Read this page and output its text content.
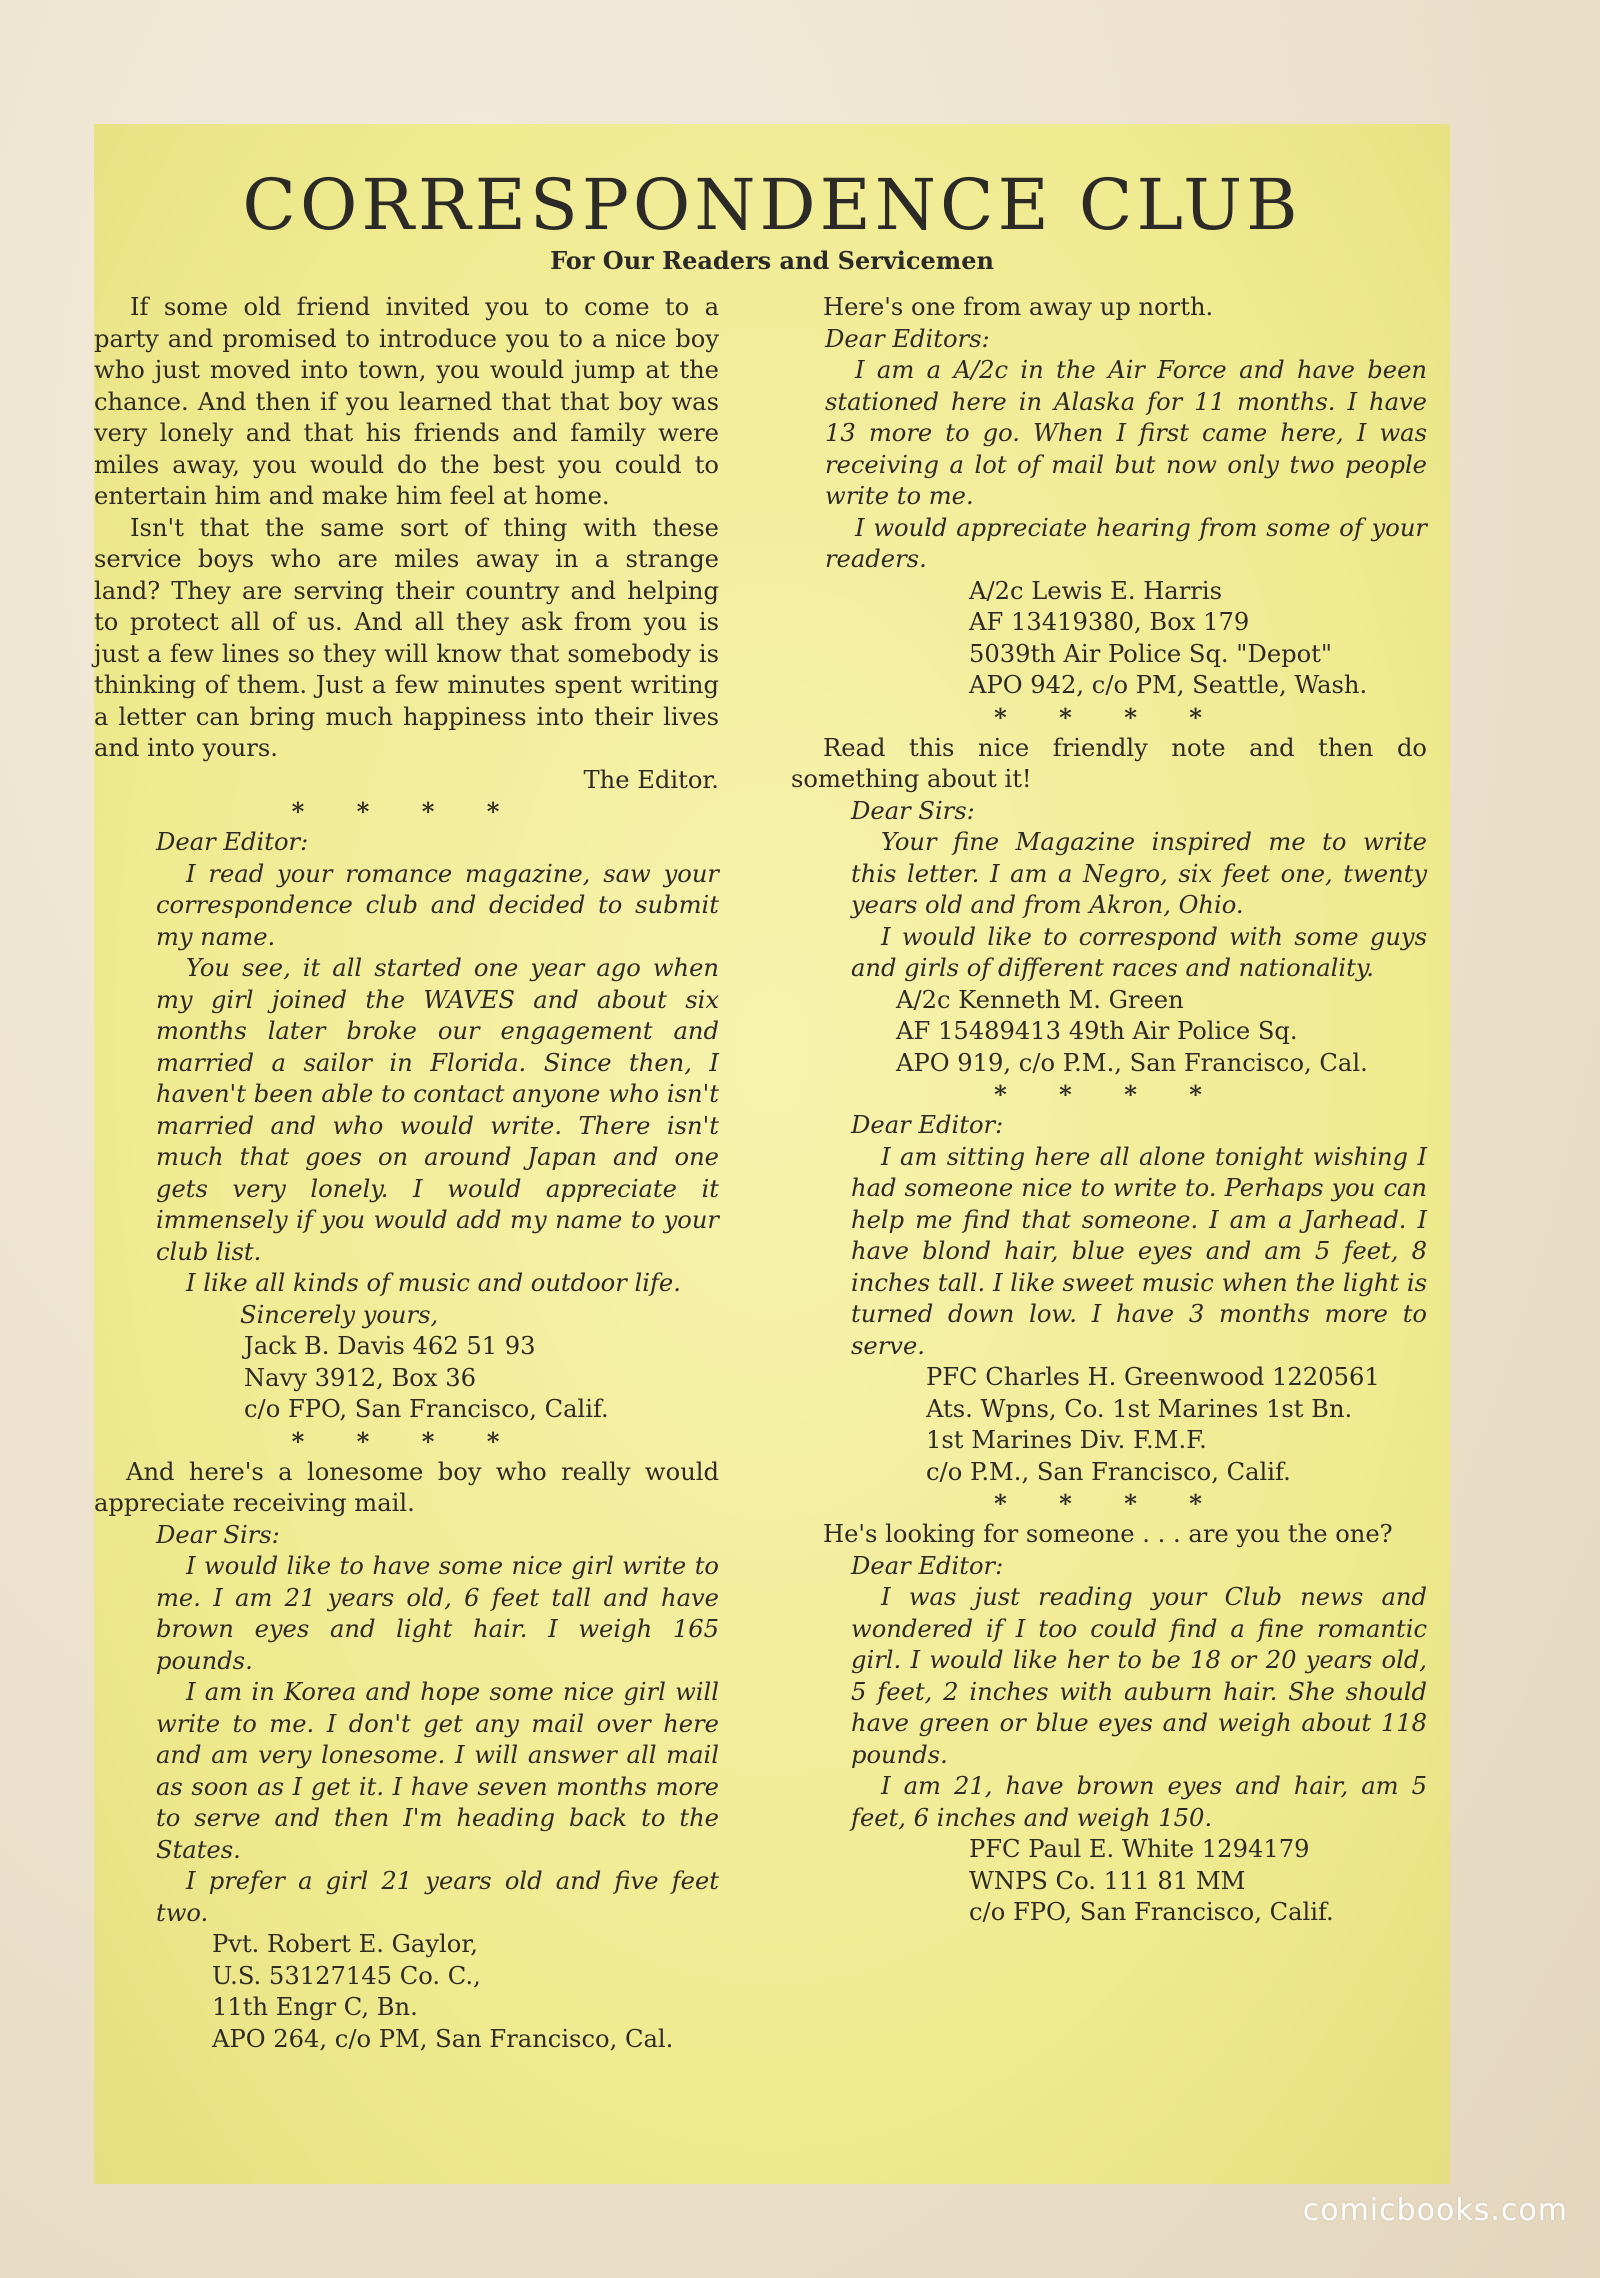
CORRESPONDENCE CLUB
For Our Readers and Servicemen

If some old friend invited you to come to a party and promised to introduce you to a nice boy who just moved into town, you would jump at the chance. And then if you learned that that boy was very lonely and that his friends and family were miles away, you would do the best you could to entertain him and make him feel at home.

Isn't that the same sort of thing with these service boys who are miles away in a strange land? They are serving their country and helping to protect all of us. And all they ask from you is just a few lines so they will know that somebody is thinking of them. Just a few minutes spent writing a letter can bring much happiness into their lives and into yours.

The Editor.

* * * *

Dear Editor:

I read your romance magazine, saw your correspondence club and decided to submit my name.

You see, it all started one year ago when my girl joined the WAVES and about six months later broke our engagement and married a sailor in Florida. Since then, I haven't been able to contact anyone who isn't married and who would write. There isn't much that goes on around Japan and one gets very lonely. I would appreciate it immensely if you would add my name to your club list.

I like all kinds of music and outdoor life.

Sincerely yours,

Jack B. Davis 462 51 93

Navy 3912, Box 36

c/o FPO, San Francisco, Calif.

* * * *

And here's a lonesome boy who really would appreciate receiving mail.

Dear Sirs:

I would like to have some nice girl write to me. I am 21 years old, 6 feet tall and have brown eyes and light hair. I weigh 165 pounds.

I am in Korea and hope some nice girl will write to me. I don't get any mail over here and am very lonesome. I will answer all mail as soon as I get it. I have seven months more to serve and then I'm heading back to the States.

I prefer a girl 21 years old and five feet two.

Pvt. Robert E. Gaylor,

U.S. 53127145 Co. C.,

11th Engr C, Bn.

APO 264, c/o PM, San Francisco, Cal.

Here's one from away up north.

Dear Editors:

I am a A/2c in the Air Force and have been stationed here in Alaska for 11 months. I have 13 more to go. When I first came here, I was receiving a lot of mail but now only two people write to me.

I would appreciate hearing from some of your readers.

A/2c Lewis E. Harris

AF 13419380, Box 179

5039th Air Police Sq. "Depot"

APO 942, c/o PM, Seattle, Wash.

* * * *

Read this nice friendly note and then do something about it!

Dear Sirs:

Your fine Magazine inspired me to write this letter. I am a Negro, six feet one, twenty years old and from Akron, Ohio.

I would like to correspond with some guys and girls of different races and nationality.

A/2c Kenneth M. Green

AF 15489413 49th Air Police Sq.

APO 919, c/o P.M., San Francisco, Cal.

* * * *

Dear Editor:

I am sitting here all alone tonight wishing I had someone nice to write to. Perhaps you can help me find that someone. I am a Jarhead. I have blond hair, blue eyes and am 5 feet, 8 inches tall. I like sweet music when the light is turned down low. I have 3 months more to serve.

PFC Charles H. Greenwood 1220561

Ats. Wpns, Co. 1st Marines 1st Bn.

1st Marines Div. F.M.F.

c/o P.M., San Francisco, Calif.

* * * *

He's looking for someone . . . are you the one?

Dear Editor:

I was just reading your Club news and wondered if I too could find a fine romantic girl. I would like her to be 18 or 20 years old, 5 feet, 2 inches with auburn hair. She should have green or blue eyes and weigh about 118 pounds.

I am 21, have brown eyes and hair, am 5 feet, 6 inches and weigh 150.

PFC Paul E. White 1294179

WNPS Co. 111 81 MM

c/o FPO, San Francisco, Calif.

comicbooks.com
